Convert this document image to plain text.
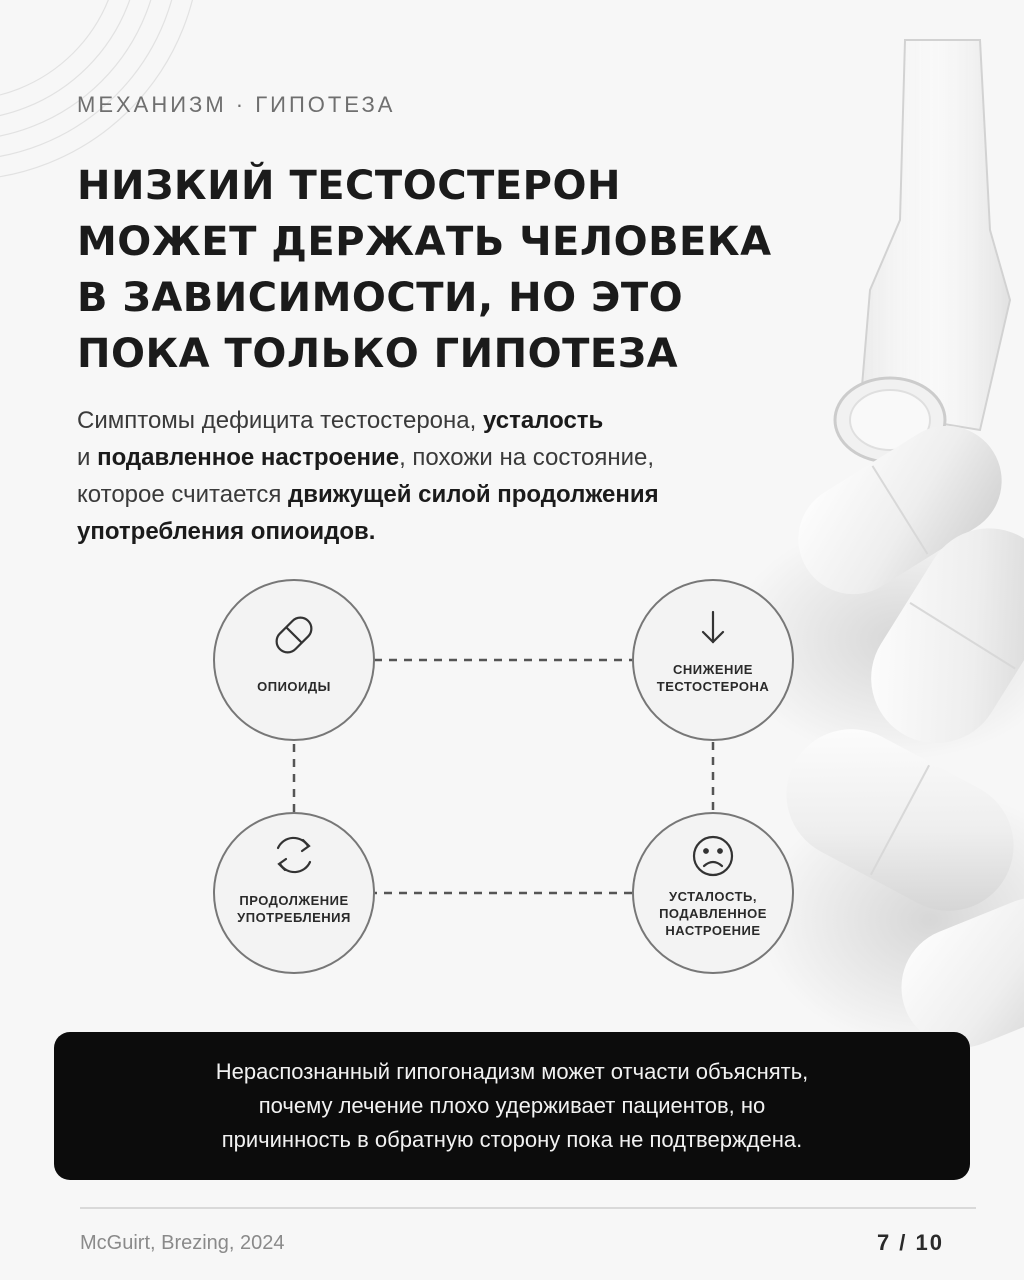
МЕХАНИЗМ · ГИПОТЕЗА
НИЗКИЙ ТЕСТОСТЕРОН
МОЖЕТ ДЕРЖАТЬ ЧЕЛОВЕКА
В ЗАВИСИМОСТИ, НО ЭТО
ПОКА ТОЛЬКО ГИПОТЕЗА
Симптомы дефицита тестостерона, усталость
и подавленное настроение, похожи на состояние,
которое считается движущей силой продолжения
употребления опиоидов.
ОПИОИДЫ
СНИЖЕНИЕ
ТЕСТОСТЕРОНА
ПРОДОЛЖЕНИЕ
УПОТРЕБЛЕНИЯ
УСТАЛОСТЬ,
ПОДАВЛЕННОЕ
НАСТРОЕНИЕ
Нераспознанный гипогонадизм может отчасти объяснять,
почему лечение плохо удерживает пациентов, но
причинность в обратную сторону пока не подтверждена.
McGuirt, Brezing, 2024	7 / 10
